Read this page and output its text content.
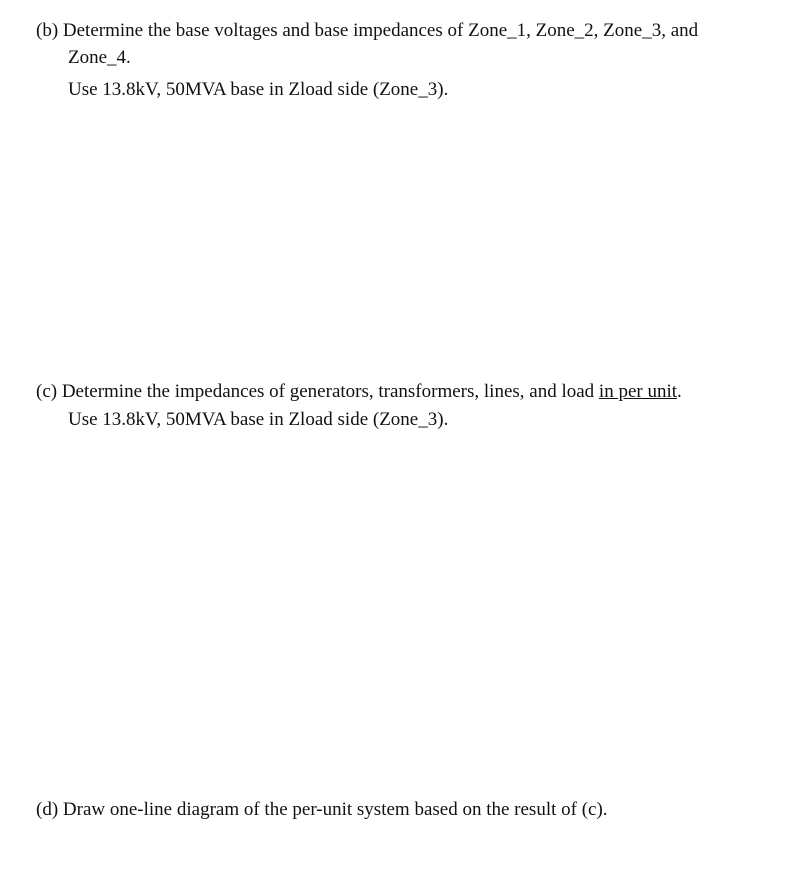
(b) Determine the base voltages and base impedances of Zone_1, Zone_2, Zone_3, and
Zone_4.
Use 13.8kV, 50MVA base in Zload side (Zone_3).
(c) Determine the impedances of generators, transformers, lines, and load in per unit.
Use 13.8kV, 50MVA base in Zload side (Zone_3).
(d) Draw one-line diagram of the per-unit system based on the result of (c).
